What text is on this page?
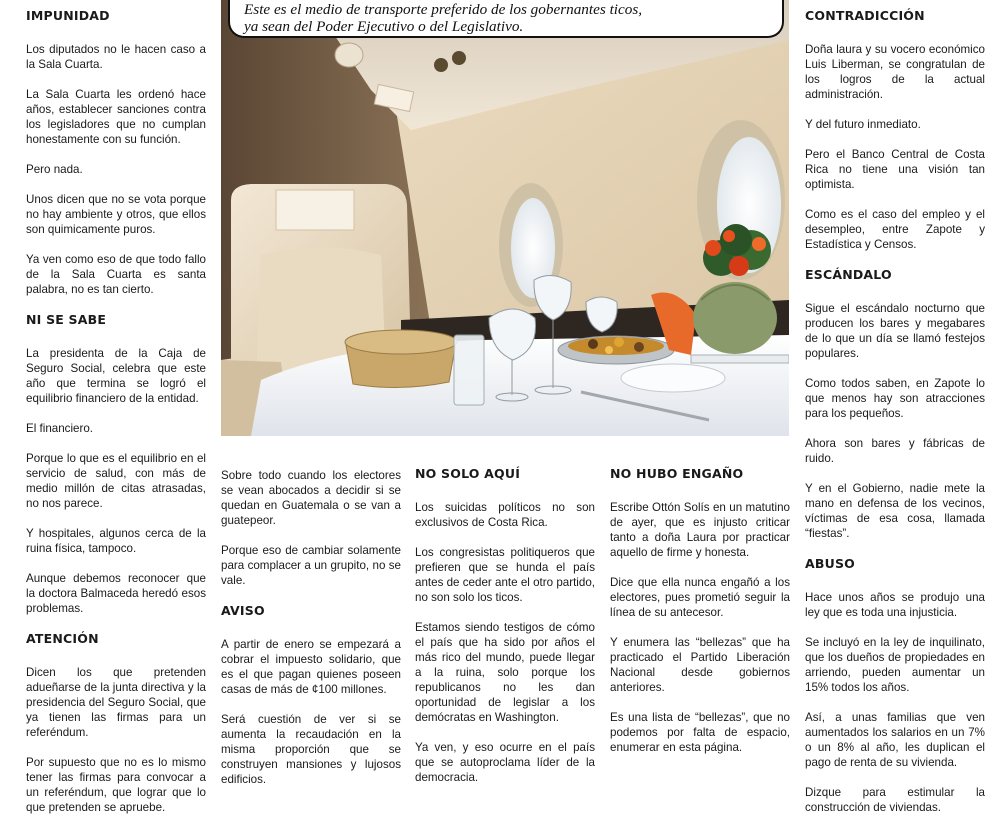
IMPUNIDAD

Los diputados no le hacen caso a la Sala Cuarta.

La Sala Cuarta les ordenó hace años, establecer sanciones contra los legisladores que no cumplan honestamente con su función.

Pero nada.

Unos dicen que no se vota porque no hay ambiente y otros, que ellos son quimicamente puros.

Ya ven como eso de que todo fallo de la Sala Cuarta es santa palabra, no es tan cierto.

NI SE SABE

La presidenta de la Caja de Seguro Social, celebra que este año que termina se logró el equilibrio financiero de la entidad.

El financiero.

Porque lo que es el equilibrio en el servicio de salud, con más de medio millón de citas atrasadas, no nos parece.

Y hospitales, algunos cerca de la ruina física, tampoco.

Aunque debemos reconocer que la doctora Balmaceda heredó esos problemas.

ATENCIÓN

Dicen los que pretenden adueñarse de la junta directiva y la presidencia del Seguro Social, que ya tienen las firmas para un referéndum.

Por supuesto que no es lo mismo tener las firmas para convocar a un referéndum, que lograr que lo que pretenden se apruebe.

Este es el medio de transporte preferido de los gobernantes ticos,
ya sean del Poder Ejecutivo o del Legislativo.

Sobre todo cuando los electores se vean abocados a decidir si se quedan en Guatemala o se van a guatepeor.

Porque eso de cambiar solamente para complacer a un grupito, no se vale.

AVISO

A partir de enero se empezará a cobrar el impuesto solidario, que es el que pagan quienes poseen casas de más de ¢100 millones.

Será cuestión de ver si se aumenta la recaudación en la misma proporción que se construyen mansiones y lujosos edificios.

NO SOLO AQUÍ

Los suicidas políticos no son exclusivos de Costa Rica.

Los congresistas politiqueros que prefieren que se hunda el país antes de ceder ante el otro partido, no son solo los ticos.

Estamos siendo testigos de cómo el país que ha sido por años el más rico del mundo, puede llegar a la ruina, solo porque los republicanos no les dan oportunidad de legislar a los demócratas en Washington.

Ya ven, y eso ocurre en el país que se autoproclama líder de la democracia.

NO HUBO ENGAÑO

Escribe Ottón Solís en un matutino de ayer, que es injusto criticar tanto a doña Laura por practicar aquello de firme y honesta.

Dice que ella nunca engañó a los electores, pues prometió seguir la línea de su antecesor.

Y enumera las “bellezas” que ha practicado el Partido Liberación Nacional desde gobiernos anteriores.

Es una lista de “bellezas”, que no podemos por falta de espacio, enumerar en esta página.

CONTRADICCIÓN

Doña laura y su vocero económico Luis Liberman, se congratulan de los logros de la actual administración.

Y del futuro inmediato.

Pero el Banco Central de Costa Rica no tiene una visión tan optimista.

Como es el caso del empleo y el desempleo, entre Zapote y Estadística y Censos.

ESCÁNDALO

Sigue el escándalo nocturno que producen los bares y megabares de lo que un día se llamó festejos populares.

Como todos saben, en Zapote lo que menos hay son atracciones para los pequeños.

Ahora son bares y fábricas de ruido.

Y en el Gobierno, nadie mete la mano en defensa de los vecinos, víctimas de esa cosa, llamada “fiestas”.

ABUSO

Hace unos años se produjo una ley que es toda una injusticia.

Se incluyó en la ley de inquilinato, que los dueños de propiedades en arriendo, pueden aumentar un 15% todos los años.

Así, a unas familias que ven aumentados los salarios en un 7% o un 8% al año, les duplican el pago de renta de su vivienda.

Dizque para estimular la construcción de viviendas.
